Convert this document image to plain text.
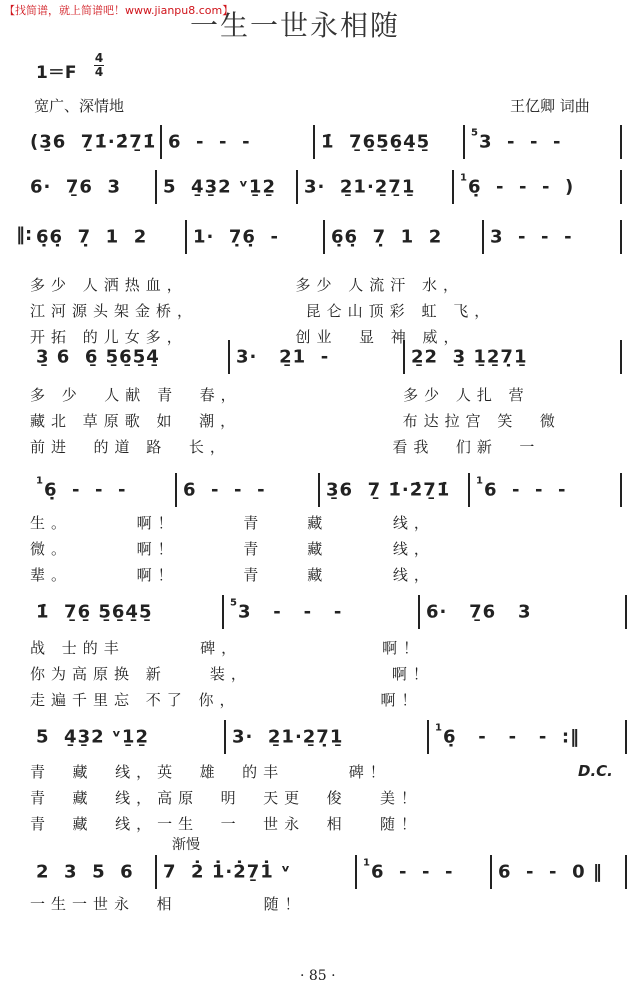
【找简谱，就上简谱吧！www.jianpu8.com】
一生一世永相随
1＝F
4
4
宽广、深情地	王亿卿 词曲
(3̱6  7̱1̇·2̇7̱1̇ 6  -  -  -	1̇  7̱6̱5̱6̱4̱5̱	$^5$3  -  -  -
6·  7̱6  3 5  4̱3̱2 ᵛ1̱2̱ 3·  2̱1·2̱7̱1̱	$^1$6̣  -  -  -  )
6̣6̣  7̣  1  2	1·  7̣6̣  -	6̣6̣  7̣  1  2	3  -  -  -
‖:
3̱ 6  6̱ 5̱6̱5̱4̱	3·   2̱1  -	2̱2  3̱ 1̱2̱7̣1̱
$^1$6̣  -  -  -	6  -  -  -	3̱6  7̱ 1̇·2̇7̱1̇	$^1$6  -  -  -
1̇  7̱6̱ 5̱6̱4̱5̱	$^5$3   -   -   -	6·   7̱6   3
5  4̱3̱2 ᵛ1̱2̱	3·  2̱1·2̱7̣1̱	$^1$6̣   -   -   -  :‖
2  3  5  6 7  2̇ 1̇·2̇7̱1̇ ᵛ	$^1$6  -  -  - 6  -  -  0 ‖
多少 人洒热血，          多少 人流汗 水，
江河源头架金桥，          昆仑山顶彩 虹 飞，
开拓 的儿女多，          创业  显 神 威，
多 少  人献 青  春，               多少 人扎 营
藏北 草原歌 如  潮，               布达拉宫 笑  微
前进  的道 路  长，               看我  们新  一
生。      啊！      青    藏      线，
微。      啊！      青    藏      线，
辈。      啊！      青    藏      线，
战 士的丰       碑，             啊！
你为高原换 新    装，             啊！
走遍千里忘 不了 你，             啊！
青  藏  线，英  雄  的丰      碑！
青  藏  线，高原  明  天更  俊   美！
青  藏  线，一生  一  世永  相   随！
一生一世永  相        随！
D.C.
渐慢
· 85 ·
